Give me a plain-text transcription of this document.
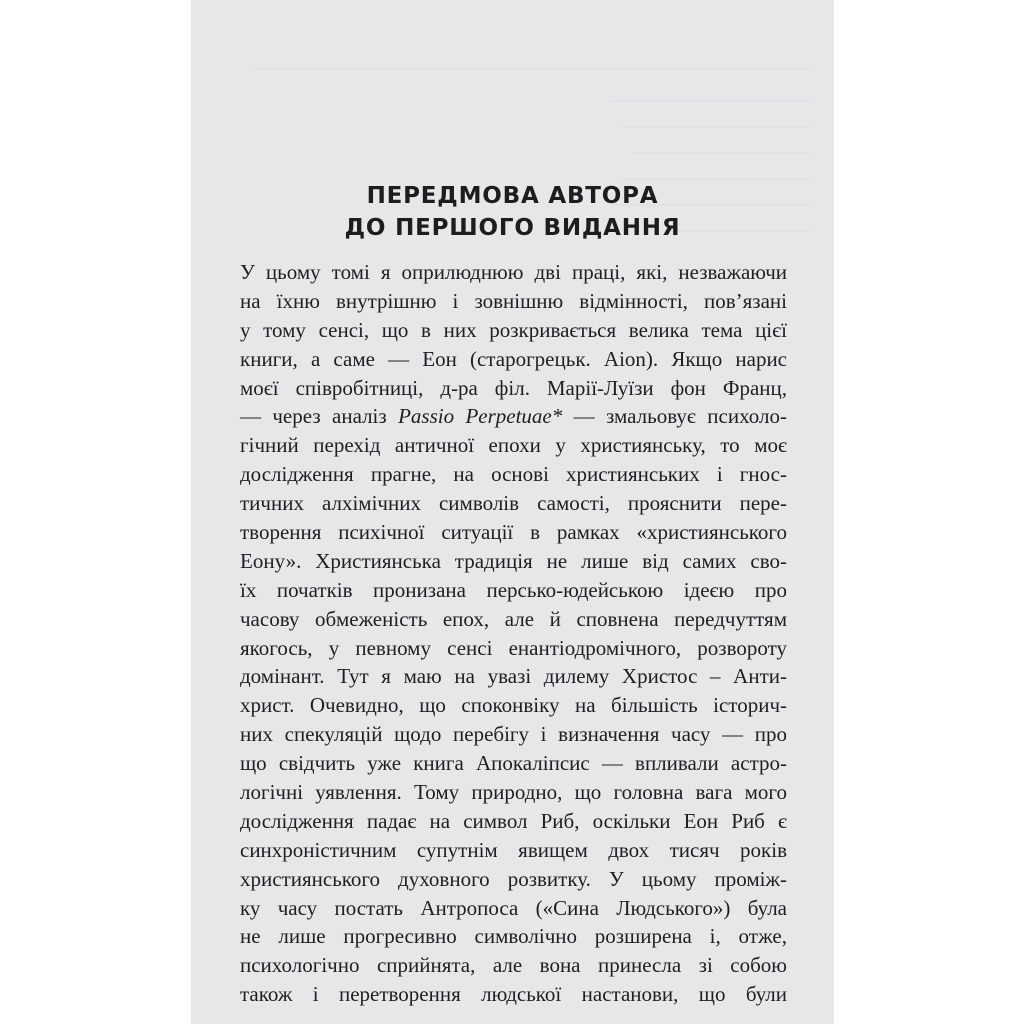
ПЕРЕДМОВА АВТОРА
ДО ПЕРШОГО ВИДАННЯ
У цьому томі я оприлюднюю дві праці, які, незважаючи
на їхню внутрішню і зовнішню відмінності, пов’язані
у тому сенсі, що в них розкривається велика тема цієї
книги, а саме — Еон (старогрецьк. Aion). Якщо нарис
моєї співробітниці, д-ра філ. Марії-Луїзи фон Франц,
— через аналіз Passio Perpetuae* — змальовує психоло-
гічний перехід античної епохи у християнську, то моє
дослідження прагне, на основі християнських і гнос-
тичних алхімічних символів самості, прояснити пере-
творення психічної ситуації в рамках «християнського
Еону». Християнська традиція не лише від самих сво-
їх початків пронизана персько-юдейською ідеєю про
часову обмеженість епох, але й сповнена передчуттям
якогось, у певному сенсі енантіодромічного, розвороту
домінант. Тут я маю на увазі дилему Христос – Анти-
христ. Очевидно, що споконвіку на більшість історич-
них спекуляцій щодо перебігу і визначення часу — про
що свідчить уже книга Апокаліпсис — впливали астро-
логічні уявлення. Тому природно, що головна вага мого
дослідження падає на символ Риб, оскільки Еон Риб є
синхроністичним супутнім явищем двох тисяч років
християнського духовного розвитку. У цьому проміж-
ку часу постать Антропоса («Сина Людського») була
не лише прогресивно символічно розширена і, отже,
психологічно сприйнята, але вона принесла зі собою
також і перетворення людської настанови, що були
